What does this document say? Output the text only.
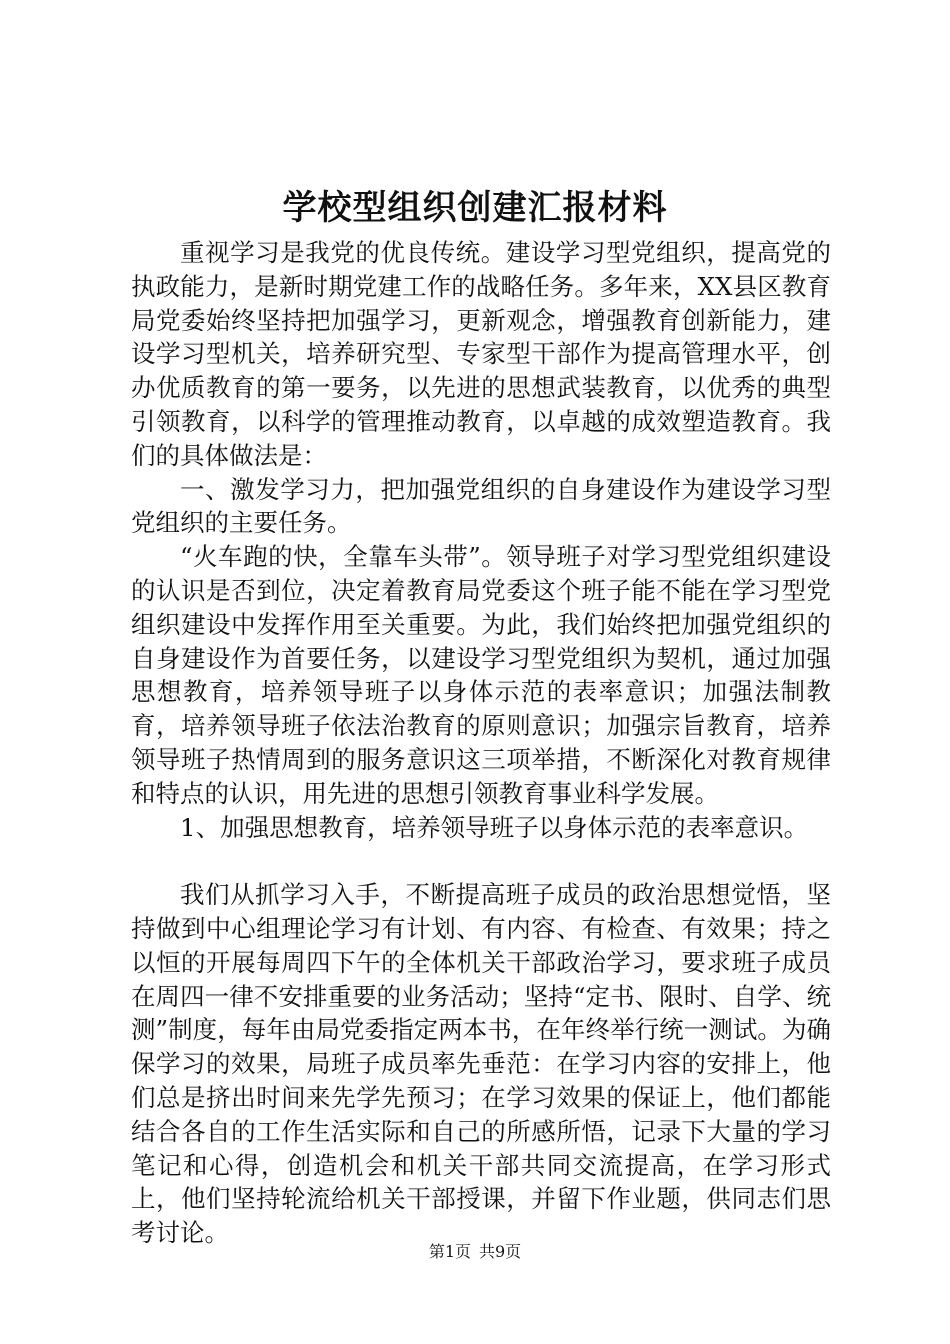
学校型组织创建汇报材料

重视学习是我党的优良传统。建设学习型党组织，提高党的执政能力，是新时期党建工作的战略任务。多年来，XX县区教育局党委始终坚持把加强学习，更新观念，增强教育创新能力，建设学习型机关，培养研究型、专家型干部作为提高管理水平，创办优质教育的第一要务，以先进的思想武装教育，以优秀的典型引领教育，以科学的管理推动教育，以卓越的成效塑造教育。我们的具体做法是：

一、激发学习力，把加强党组织的自身建设作为建设学习型党组织的主要任务。

“火车跑的快，全靠车头带”。领导班子对学习型党组织建设的认识是否到位，决定着教育局党委这个班子能不能在学习型党组织建设中发挥作用至关重要。为此，我们始终把加强党组织的自身建设作为首要任务，以建设学习型党组织为契机，通过加强思想教育，培养领导班子以身体示范的表率意识；加强法制教育，培养领导班子依法治教育的原则意识；加强宗旨教育，培养领导班子热情周到的服务意识这三项举措，不断深化对教育规律和特点的认识，用先进的思想引领教育事业科学发展。

1、加强思想教育，培养领导班子以身体示范的表率意识。

我们从抓学习入手，不断提高班子成员的政治思想觉悟，坚持做到中心组理论学习有计划、有内容、有检查、有效果；持之以恒的开展每周四下午的全体机关干部政治学习，要求班子成员在周四一律不安排重要的业务活动；坚持“定书、限时、自学、统测”制度，每年由局党委指定两本书，在年终举行统一测试。为确保学习的效果，局班子成员率先垂范：在学习内容的安排上，他们总是挤出时间来先学先预习；在学习效果的保证上，他们都能结合各自的工作生活实际和自己的所感所悟，记录下大量的学习笔记和心得，创造机会和机关干部共同交流提高，在学习形式上，他们坚持轮流给机关干部授课，并留下作业题，供同志们思考讨论。

第1页 共9页
